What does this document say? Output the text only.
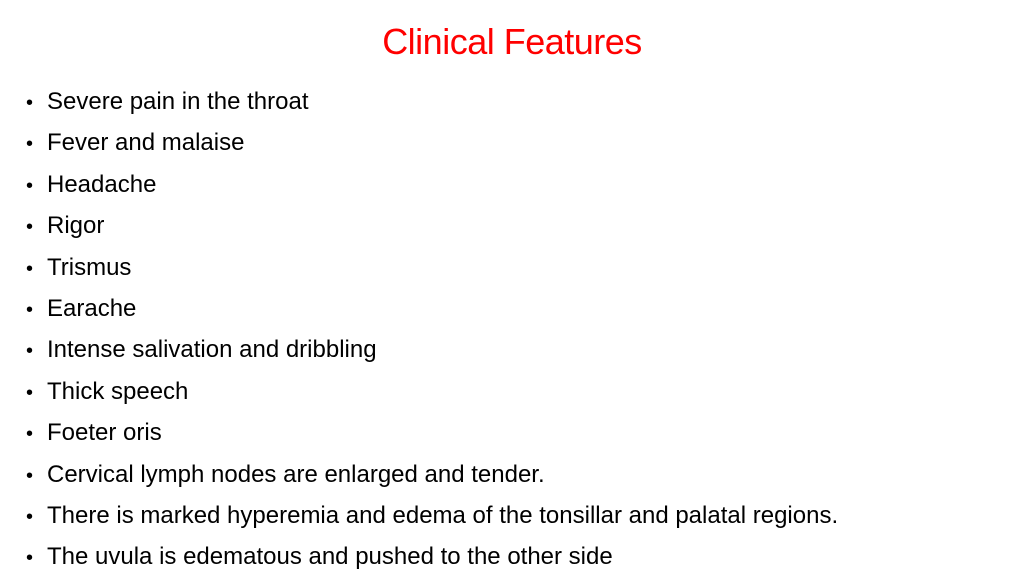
Clinical Features
• Severe pain in the throat
• Fever and malaise
• Headache
• Rigor
• Trismus
• Earache
• Intense salivation and dribbling
• Thick speech
• Foeter oris
• Cervical lymph nodes are enlarged and tender.
• There is marked hyperemia and edema of the tonsillar and palatal regions.
• The uvula is edematous and pushed to the other side
